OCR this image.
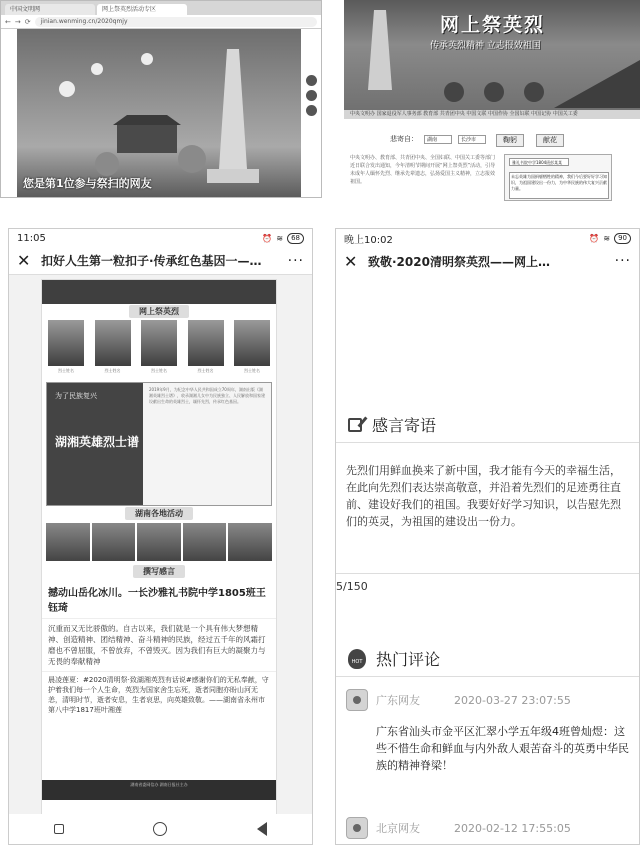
中国文明网	网上祭英烈活动专区
← → ⟳	jinian.wenming.cn/2020qmjy
您是第1位参与祭扫的网友
网上祭英烈
传承英烈精神 立志报效祖国
中央文明办 国家退役军人事务部 教育部 共青团中央 中国文联 中国作协 全国妇联 中国记协 中国关工委
悲寄自：	湖南	长沙市	鞠躬	献花
中央文明办、教育部、共青团中央、全国妇联、中国关工委等部门近日联合发出通知，今年清明节期间开展“网上祭英烈”活动，引导未成年人缅怀先烈、继承先辈遗志，弘扬爱国主义精神，立志报效祖国。
雅礼书院中学1804班彭某某
未忘英雄为国捐躯牺牲的精神，我们今后要好好学习知识，为祖国建设出一份力，为中华民族的伟大复兴贡献力量。
11:05	⏰ ≋	68
✕ 扣好人生第一粒扣子·传承红色基因一—…	···
网上祭英烈
烈士姓名	烈士姓名	烈士姓名	烈士姓名	烈士姓名
为了民族复兴
湖湘英雄烈士谱
2019年9月，为纪念中华人民共和国成立70周年，湖南出版《湖湘英雄烈士谱》，收录湖湘儿女中为民族独立、人民解放和国家建设献出生命的英雄烈士，缅怀先烈，传承红色基因。
湖南各地活动
撰写感言
撼动山岳化冰川。一长沙雅礼书院中学1805班王钰琦
沉重而又无比骄傲的。自古以来，我们就是一个具有伟大梦想精神、创造精神、团结精神、奋斗精神的民族，经过五千年的风霜打磨也不曾屈服，不曾放弃，不曾毁灭。因为我们有巨大的凝聚力与无畏的奉献精神
晨凌莲夏：#2020清明祭·致湖湘英烈有话说#感谢你们的无私奉献，守护着我们每一个人生命，英烈为国家舍生忘死，逝者同胞亦盼山河无恙，清明时节，逝者安息，生者哀思，向英雄致敬。——湖南省永州市第八中学1817班叶湘莲
湖南省委网信办 湖南日报社主办
晚上10:02	⏰ ≋	90
✕ 致敬·2020清明祭英烈——网上…	···
感言寄语
先烈们用鲜血换来了新中国，我才能有今天的幸福生活，在此向先烈们表达崇高敬意，并沿着先烈们的足迹勇往直前、建设好我们的祖国。我要好好学习知识，以告慰先烈们的英灵，为祖国的建设出一份力。
5/150
HOT 热门评论
广东网友	2020-03-27 23:07:55
广东省汕头市金平区汇翠小学五年级4班曾灿煜：这些不惜生命和鲜血与内外敌人艰苦奋斗的英勇中华民族的精神脊梁！
北京网友	2020-02-12 17:55:05
